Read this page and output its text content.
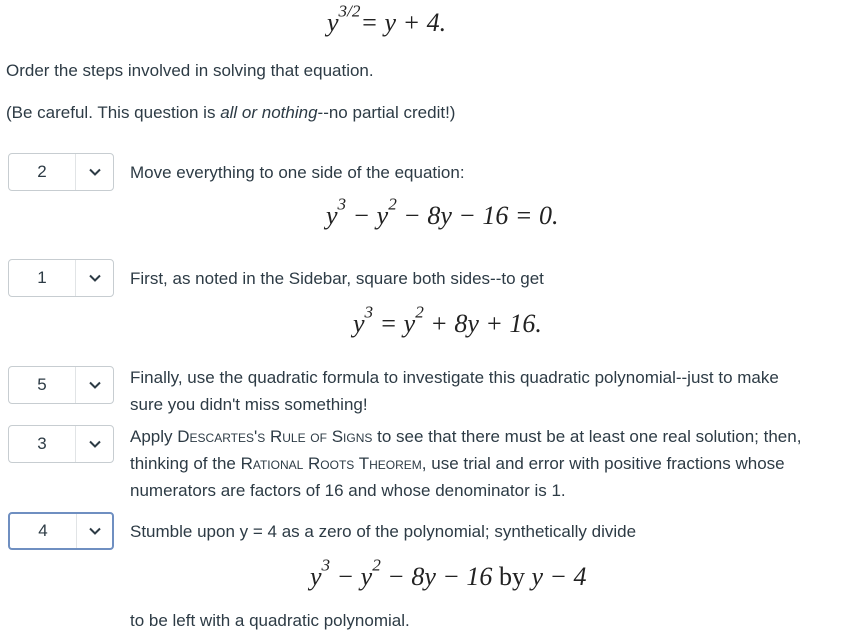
$y^{3/2}= y + 4$.
Order the steps involved in solving that equation.
(Be careful. This question is all or nothing--no partial credit!)
2	Move everything to one side of the equation:
$y^3 - y^2 - 8y - 16 = 0$.
1	First, as noted in the Sidebar, square both sides--to get
$y^3 = y^2 + 8y + 16$.
5	Finally, use the quadratic formula to investigate this quadratic polynomial--just to make sure you didn't miss something!
3	Apply Descartes's Rule of Signs to see that there must be at least one real solution; then, thinking of the Rational Roots Theorem, use trial and error with positive fractions whose numerators are factors of 16 and whose denominator is 1.
4	Stumble upon y = 4 as a zero of the polynomial; synthetically divide
$y^3 - y^2 - 8y - 16$ by y − 4
to be left with a quadratic polynomial.
